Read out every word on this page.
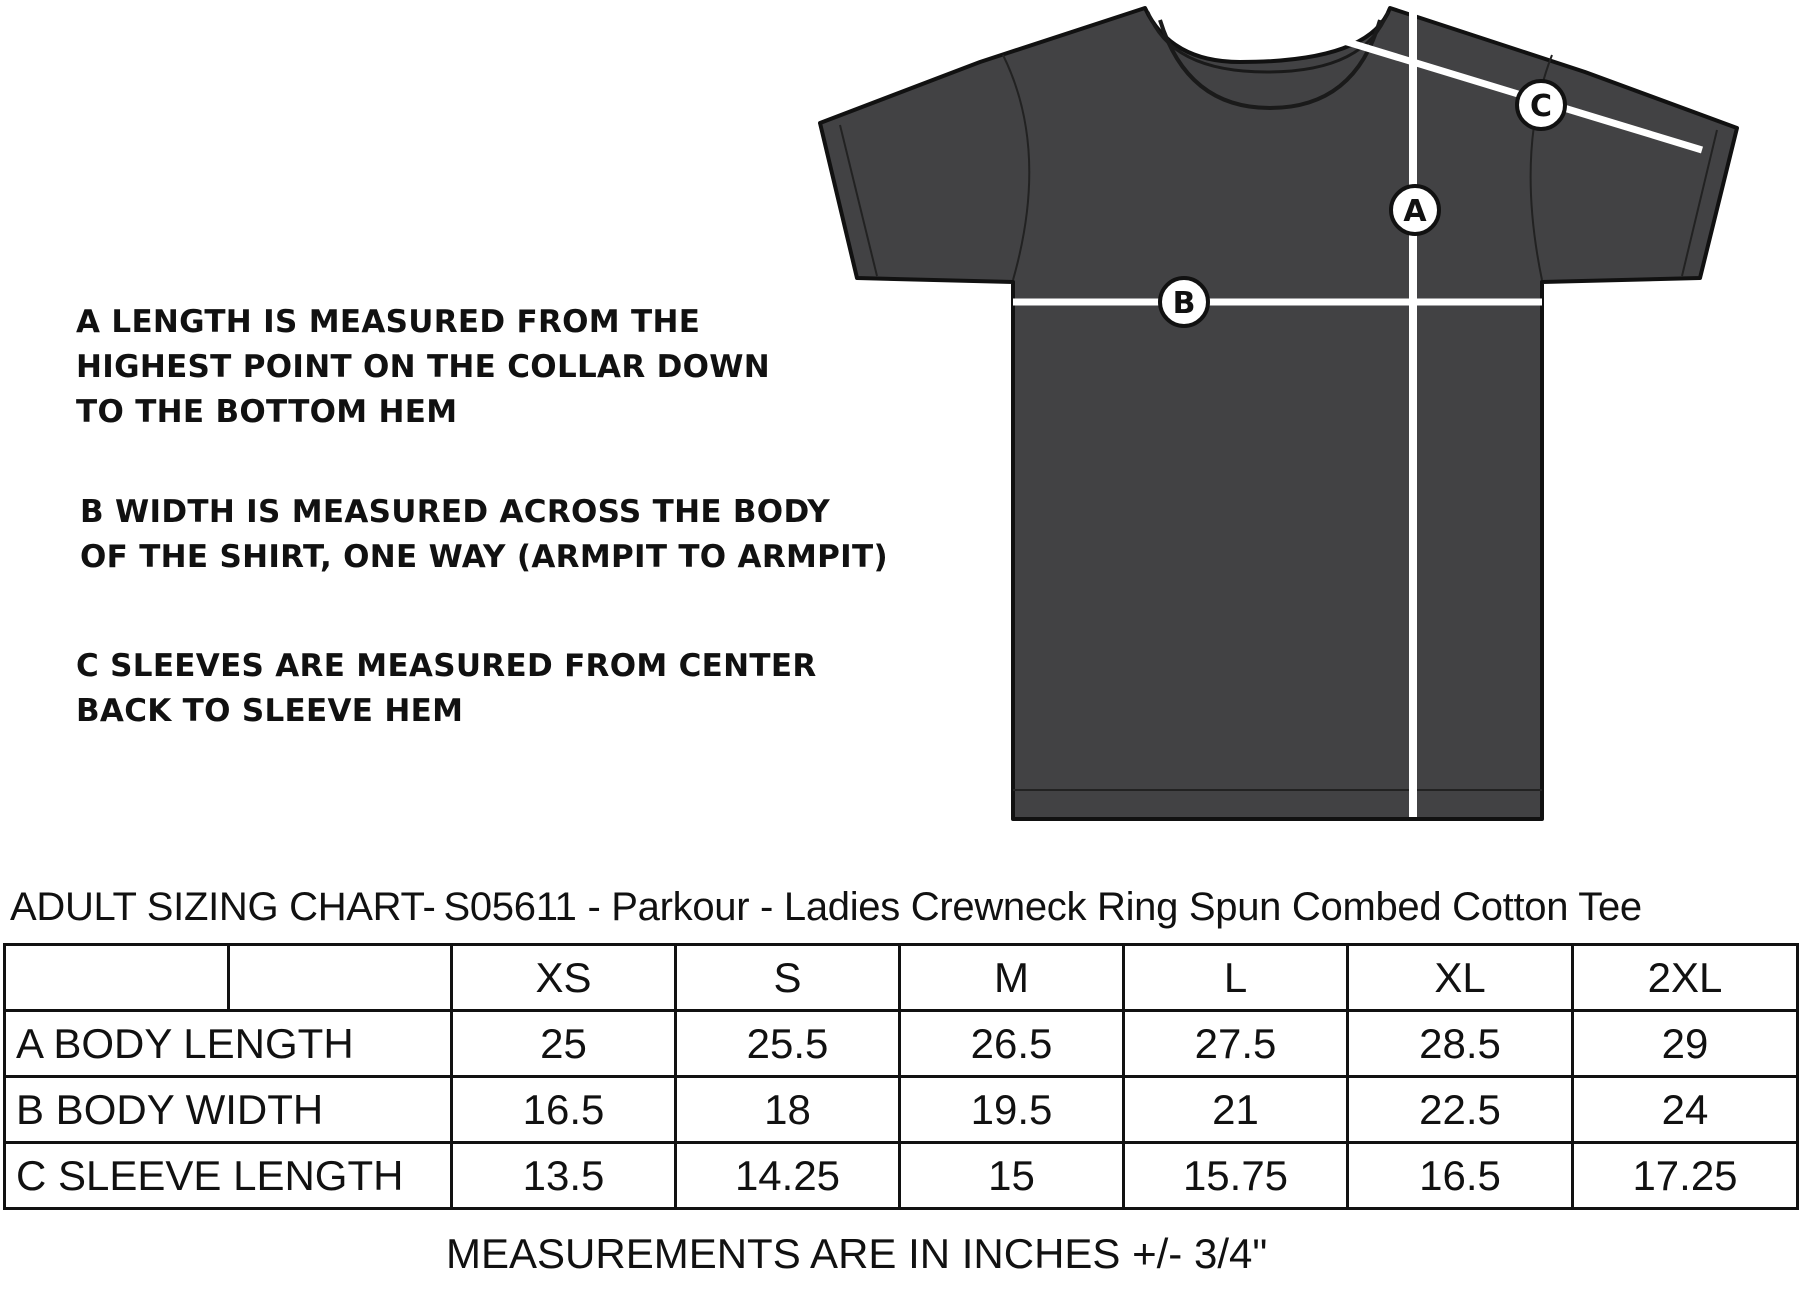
A LENGTH IS MEASURED FROM THE
HIGHEST POINT ON THE COLLAR DOWN
TO THE BOTTOM HEM
B WIDTH IS MEASURED ACROSS THE BODY
OF THE SHIRT, ONE WAY (ARMPIT TO ARMPIT)
C SLEEVES ARE MEASURED FROM CENTER
BACK TO SLEEVE HEM
A
B
C
ADULT SIZING CHART- S05611 - Parkour - Ladies Crewneck Ring Spun Combed Cotton Tee
		XS	S	M	L	XL	2XL
A BODY LENGTH		25	25.5	26.5	27.5	28.5	29
B BODY WIDTH		16.5	18	19.5	21	22.5	24
C SLEEVE LENGTH		13.5	14.25	15	15.75	16.5	17.25
MEASUREMENTS ARE IN INCHES +/- 3/4"
